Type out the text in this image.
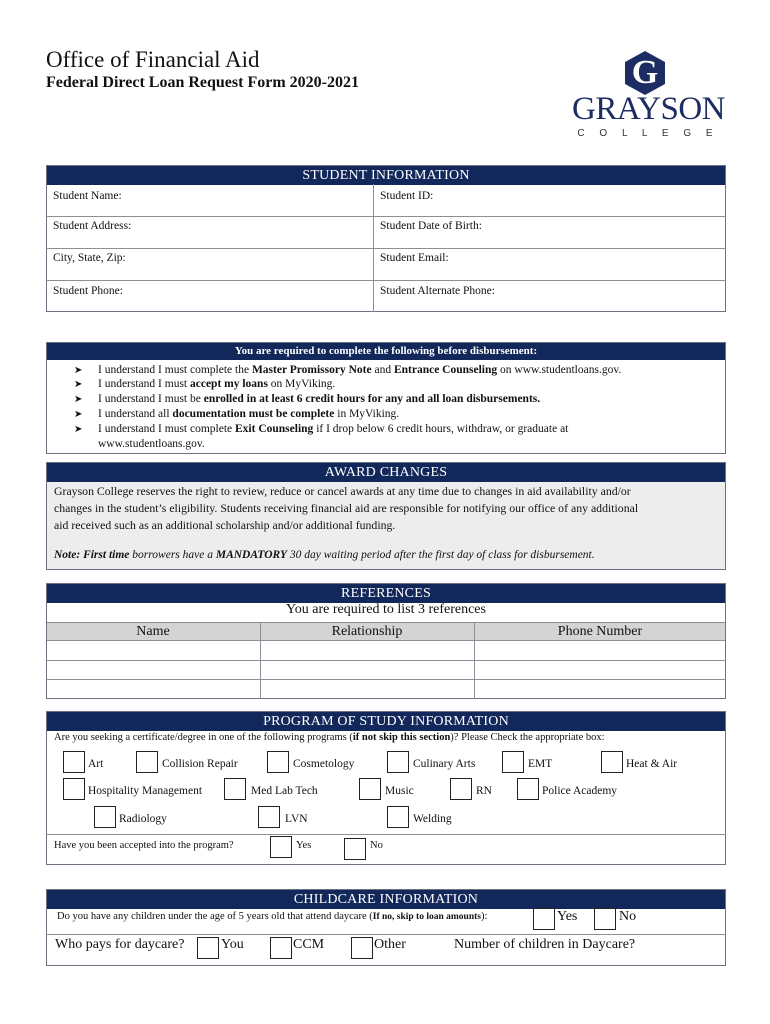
Office of Financial Aid
Federal Direct Loan Request Form 2020-2021	G
GRAYSON
C O L L E G E
STUDENT INFORMATION
Student Name:	Student ID:
Student Address:	Student Date of Birth:
City, State, Zip:	Student Email:
Student Phone:	Student Alternate Phone:
You are required to complete the following before disbursement:
➤ I understand I must complete the Master Promissory Note and Entrance Counseling on www.studentloans.gov.
➤ I understand I must accept my loans on MyViking.
➤ I understand I must be enrolled in at least 6 credit hours for any and all loan disbursements.
➤ I understand all documentation must be complete in MyViking.
➤ I understand I must complete Exit Counseling if I drop below 6 credit hours, withdraw, or graduate at
www.studentloans.gov.
AWARD CHANGES
Grayson College reserves the right to review, reduce or cancel awards at any time due to changes in aid availability and/or
changes in the student’s eligibility. Students receiving financial aid are responsible for notifying our office of any additional
aid received such as an additional scholarship and/or additional funding.
Note: First time borrowers have a MANDATORY 30 day waiting period after the first day of class for disbursement.
REFERENCES
You are required to list 3 references
Name	Relationship	Phone Number
PROGRAM OF STUDY INFORMATION
Are you seeking a certificate/degree in one of the following programs (if not skip this section)? Please Check the appropriate box:
Art	Collision Repair	Cosmetology	Culinary Arts	EMT	Heat & Air
Hospitality Management	Med Lab Tech	Music	RN	Police Academy
Radiology	LVN	Welding
Have you been accepted into the program?	Yes	No
CHILDCARE INFORMATION
Do you have any children under the age of 5 years old that attend daycare (If no, skip to loan amounts):	Yes	No
Who pays for daycare?	You	CCM	Other	Number of children in Daycare?
